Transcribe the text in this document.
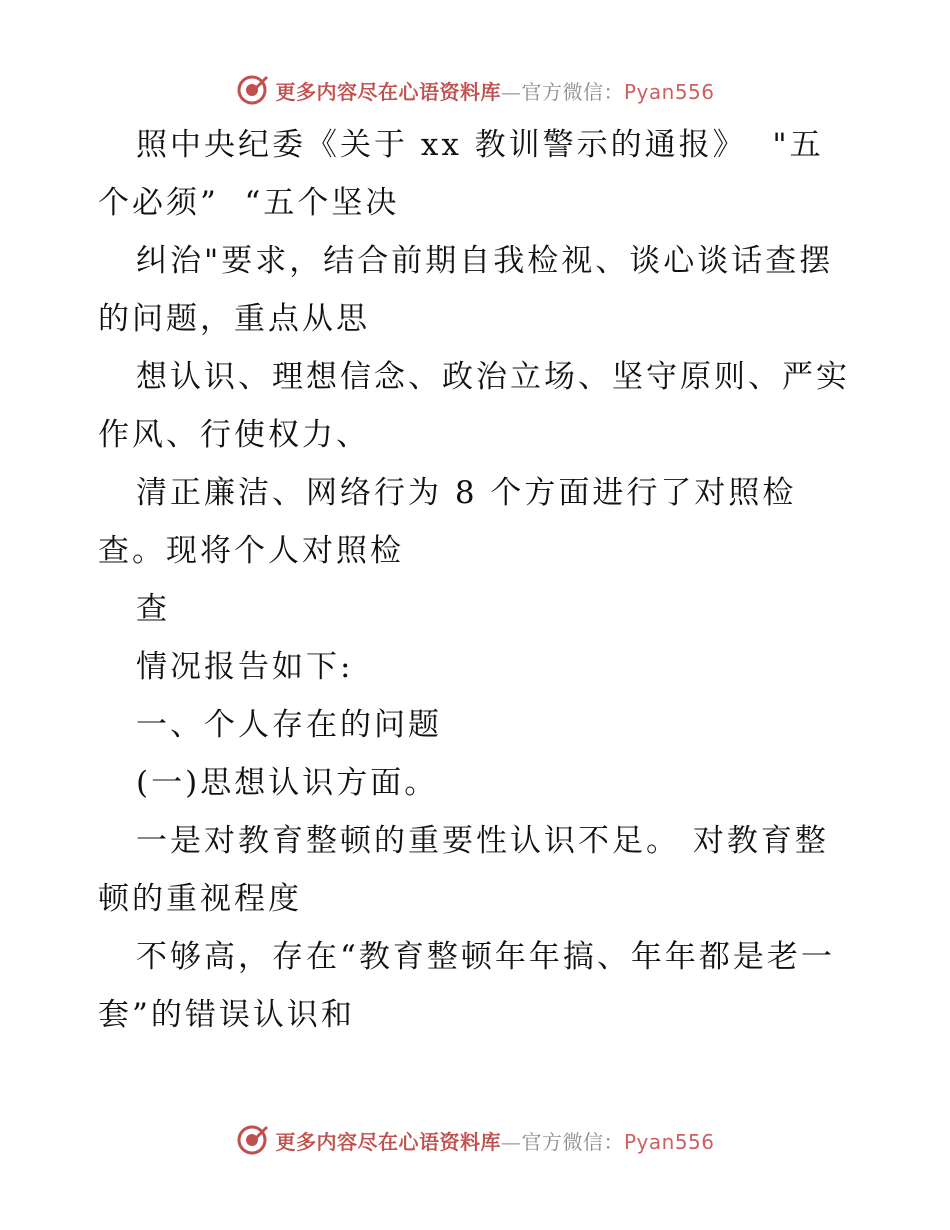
更多内容尽在心语资料库—官方微信：Pyan556
照中央纪委《关于 xx 教训警示的通报》  "五
个必须”  “五个坚决
纠治"要求，结合前期自我检视、谈心谈话查摆
的问题，重点从思
想认识、理想信念、政治立场、坚守原则、严实
作风、行使权力、
清正廉洁、网络行为 8 个方面进行了对照检
查。现将个人对照检
查
情况报告如下:
一、个人存在的问题
(一)思想认识方面。
一是对教育整顿的重要性认识不足。 对教育整
顿的重视程度
不够高，存在“教育整顿年年搞、年年都是老一
套”的错误认识和
更多内容尽在心语资料库—官方微信：Pyan556
